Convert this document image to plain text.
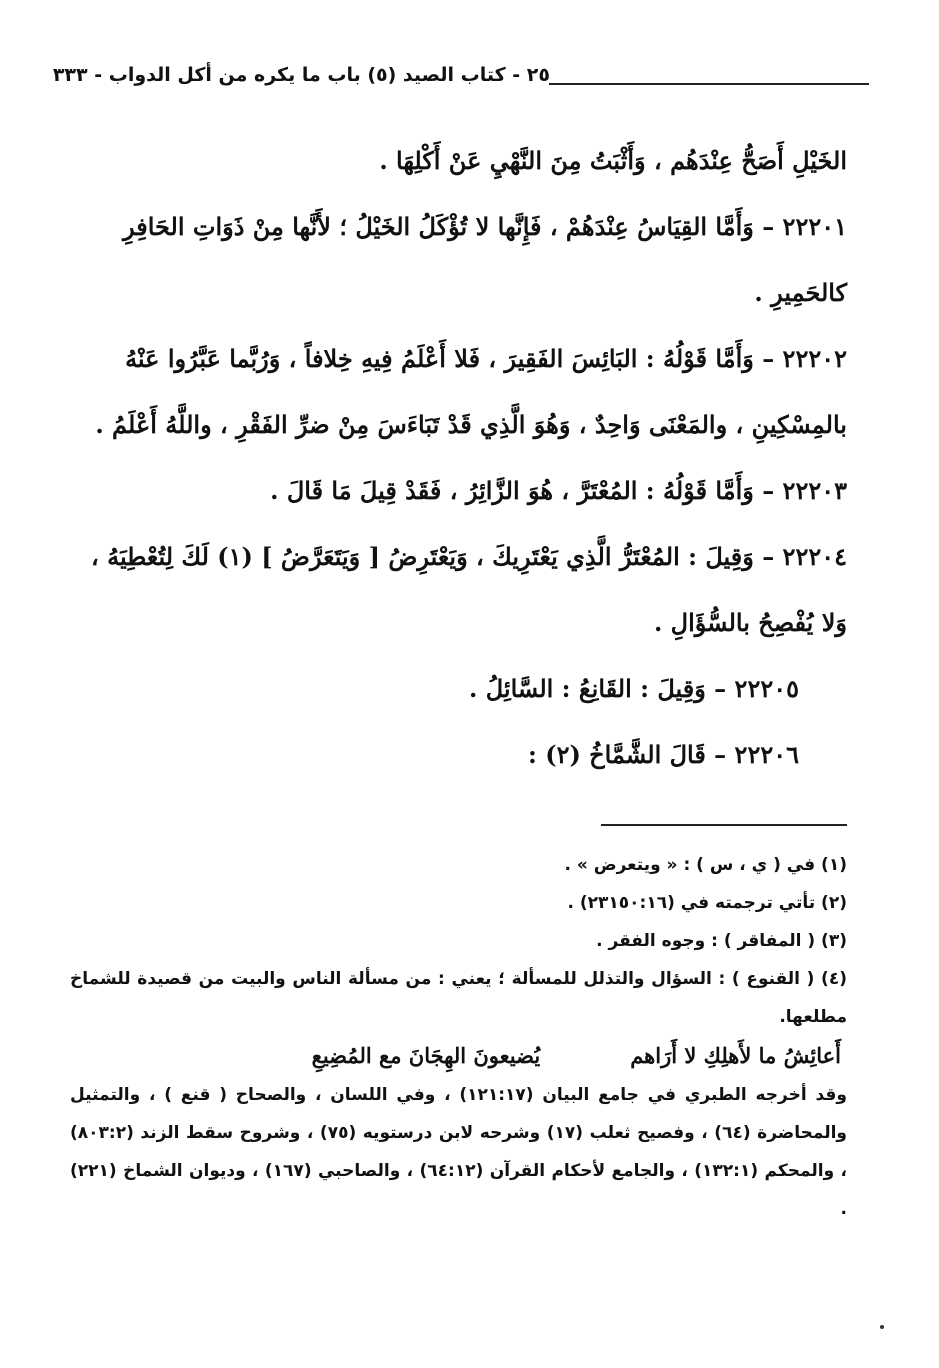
٢٥ - كتاب الصيد (٥) باب ما يكره من أكل الدواب - ٣٣٣

الخَيْلِ أَصَحُّ عِنْدَهُم ، وَأَثْبَتُ مِنَ النَّهْيِ عَنْ أَكْلِهَا .

٢٢٢٠١ – وَأَمَّا القِيَاسُ عِنْدَهُمْ ، فَإِنَّها لا تُؤْكَلُ الخَيْلُ ؛ لأَنَّها مِنْ ذَوَاتِ الحَافِرِ كالحَمِيرِ .

٢٢٢٠٢ – وَأَمَّا قَوْلُهُ : البَائِسَ الفَقِيرَ ، فَلا أَعْلَمُ فِيهِ خِلافاً ، وَرُبَّما عَبَّرُوا عَنْهُ بالمِسْكِينِ ، والمَعْنَى وَاحِدٌ ، وَهُوَ الَّذِي قَدْ تَبَاءَسَ مِنْ ضرِّ الفَقْرِ ، واللَّهُ أَعْلَمُ .

٢٢٢٠٣ – وَأَمَّا قَوْلُهُ : المُعْتَرَّ ، هُوَ الزَّائِرُ ، فَقَدْ قِيلَ مَا قَالَ .

٢٢٢٠٤ – وَقِيلَ : المُعْتَرُّ الَّذِي يَعْتَرِيكَ ، وَيَعْتَرِضُ [ وَيَتَعَرَّضُ ] (١) لَكَ لِتُعْطِيَهُ ، وَلا يُفْصِحُ بالسُّؤَالِ .

٢٢٢٠٥ – وَقِيلَ : القَانِعُ : السَّائِلُ .

٢٢٢٠٦ – قَالَ الشَّمَّاخُ (٢) :

(١) في ( ي ، س ) : « ويتعرض » .

(٢) تأتي ترجمته في (٢٣١٥٠:١٦) .

(٣) ( المفاقر ) : وجوه الفقر .

(٤) ( القنوع ) : السؤال والتذلل للمسألة ؛ يعني : من مسألة الناس والبيت من قصيدة للشماخ مطلعها.

أَعائِشُ ما لأَهلِكِ لا أَرَاهم
يُضيعونَ الهِجَانَ مع المُضِيعِ

وقد أخرجه الطبري في جامع البيان (١٢١:١٧) ، وفي اللسان ، والصحاح ( قنع ) ، والتمثيل والمحاضرة (٦٤) ، وفصيح ثعلب (١٧) وشرحه لابن درستويه (٧٥) ، وشروح سقط الزند (٨٠٣:٢) ، والمحكم (١٣٢:١) ، والجامع لأحكام القرآن (٦٤:١٢) ، والصاحبي (١٦٧) ، وديوان الشماخ (٢٢١) .
